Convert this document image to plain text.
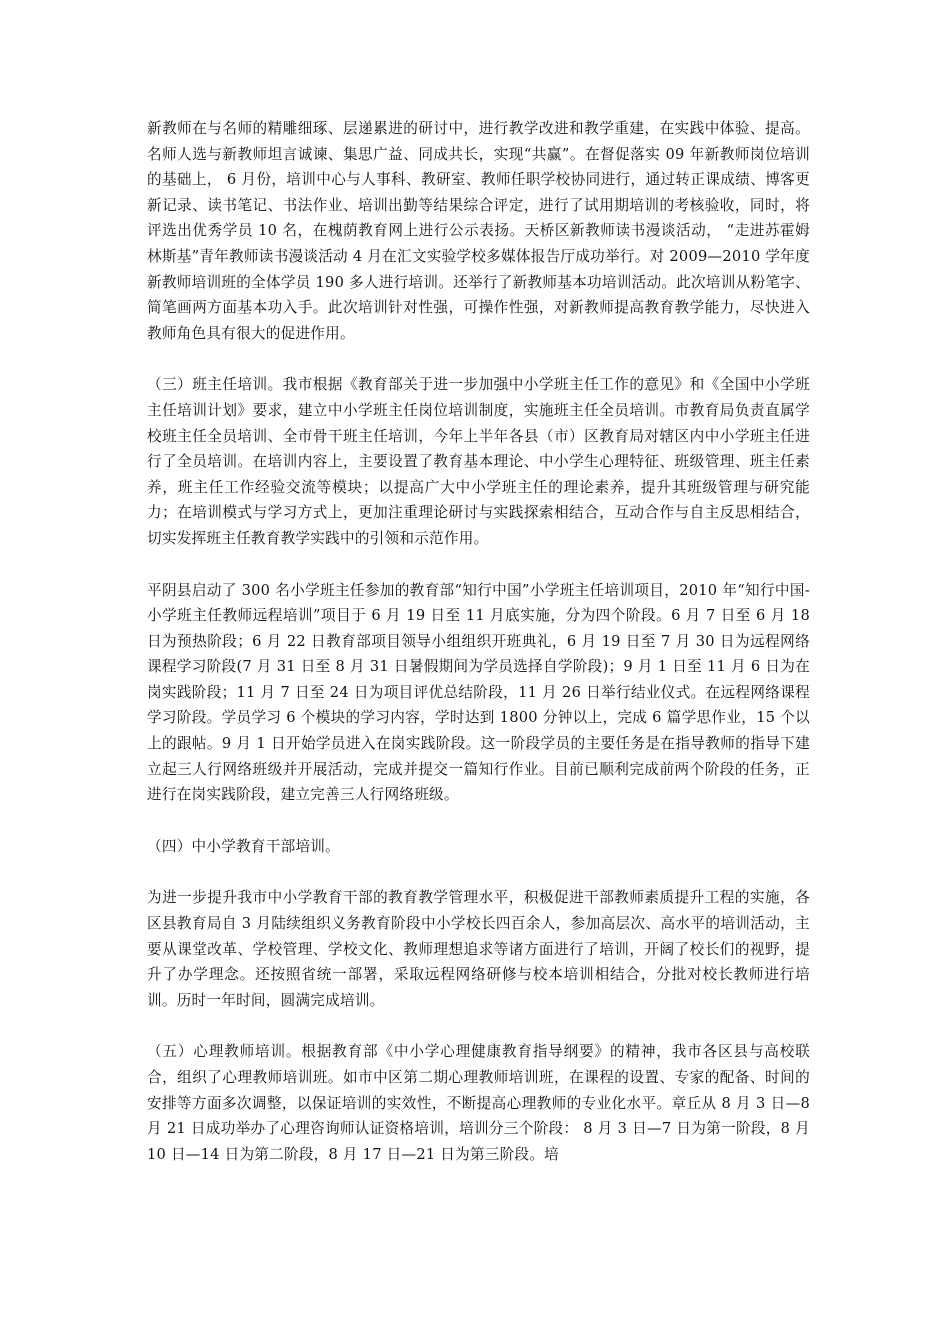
新教师在与名师的精雕细琢、层递累进的研讨中，进行教学改进和教学重建，在实践中体验、提高。名师人选与新教师坦言诚谏、集思广益、同成共长，实现“共赢”。在督促落实 09 年新教师岗位培训的基础上， 6 月份，培训中心与人事科、教研室、教师任职学校协同进行，通过转正课成绩、博客更新记录、读书笔记、书法作业、培训出勤等结果综合评定，进行了试用期培训的考核验收，同时，将评选出优秀学员 10 名，在槐荫教育网上进行公示表扬。天桥区新教师读书漫谈活动， “走进苏霍姆林斯基”青年教师读书漫谈活动 4 月在汇文实验学校多媒体报告厅成功举行。对 2009—2010 学年度新教师培训班的全体学员 190 多人进行培训。还举行了新教师基本功培训活动。此次培训从粉笔字、简笔画两方面基本功入手。此次培训针对性强，可操作性强，对新教师提高教育教学能力，尽快进入教师角色具有很大的促进作用。

（三）班主任培训。我市根据《教育部关于进一步加强中小学班主任工作的意见》和《全国中小学班主任培训计划》要求，建立中小学班主任岗位培训制度，实施班主任全员培训。市教育局负责直属学校班主任全员培训、全市骨干班主任培训，今年上半年各县（市）区教育局对辖区内中小学班主任进行了全员培训。在培训内容上，主要设置了教育基本理论、中小学生心理特征、班级管理、班主任素养，班主任工作经验交流等模块；以提高广大中小学班主任的理论素养，提升其班级管理与研究能力；在培训模式与学习方式上，更加注重理论研讨与实践探索相结合，互动合作与自主反思相结合，切实发挥班主任教育教学实践中的引领和示范作用。

平阴县启动了 300 名小学班主任参加的教育部“知行中国”小学班主任培训项目，2010 年“知行中国-小学班主任教师远程培训”项目于 6 月 19 日至 11 月底实施，分为四个阶段。6 月 7 日至 6 月 18 日为预热阶段；6 月 22 日教育部项目领导小组组织开班典礼，6 月 19 日至 7 月 30 日为远程网络课程学习阶段(7 月 31 日至 8 月 31 日暑假期间为学员选择自学阶段)；9 月 1 日至 11 月 6 日为在岗实践阶段；11 月 7 日至 24 日为项目评优总结阶段，11 月 26 日举行结业仪式。在远程网络课程学习阶段。学员学习 6 个模块的学习内容，学时达到 1800 分钟以上，完成 6 篇学思作业，15 个以上的跟帖。9 月 1 日开始学员进入在岗实践阶段。这一阶段学员的主要任务是在指导教师的指导下建立起三人行网络班级并开展活动，完成并提交一篇知行作业。目前已顺利完成前两个阶段的任务，正进行在岗实践阶段，建立完善三人行网络班级。

（四）中小学教育干部培训。

为进一步提升我市中小学教育干部的教育教学管理水平，积极促进干部教师素质提升工程的实施，各区县教育局自 3 月陆续组织义务教育阶段中小学校长四百余人，参加高层次、高水平的培训活动，主要从课堂改革、学校管理、学校文化、教师理想追求等诸方面进行了培训，开阔了校长们的视野，提升了办学理念。还按照省统一部署，采取远程网络研修与校本培训相结合，分批对校长教师进行培训。历时一年时间，圆满完成培训。

（五）心理教师培训。根据教育部《中小学心理健康教育指导纲要》的精神，我市各区县与高校联合，组织了心理教师培训班。如市中区第二期心理教师培训班，在课程的设置、专家的配备、时间的安排等方面多次调整，以保证培训的实效性，不断提高心理教师的专业化水平。章丘从 8 月 3 日—8 月 21 日成功举办了心理咨询师认证资格培训，培训分三个阶段： 8 月 3 日—7 日为第一阶段，8 月 10 日—14 日为第二阶段，8 月 17 日—21 日为第三阶段。培
